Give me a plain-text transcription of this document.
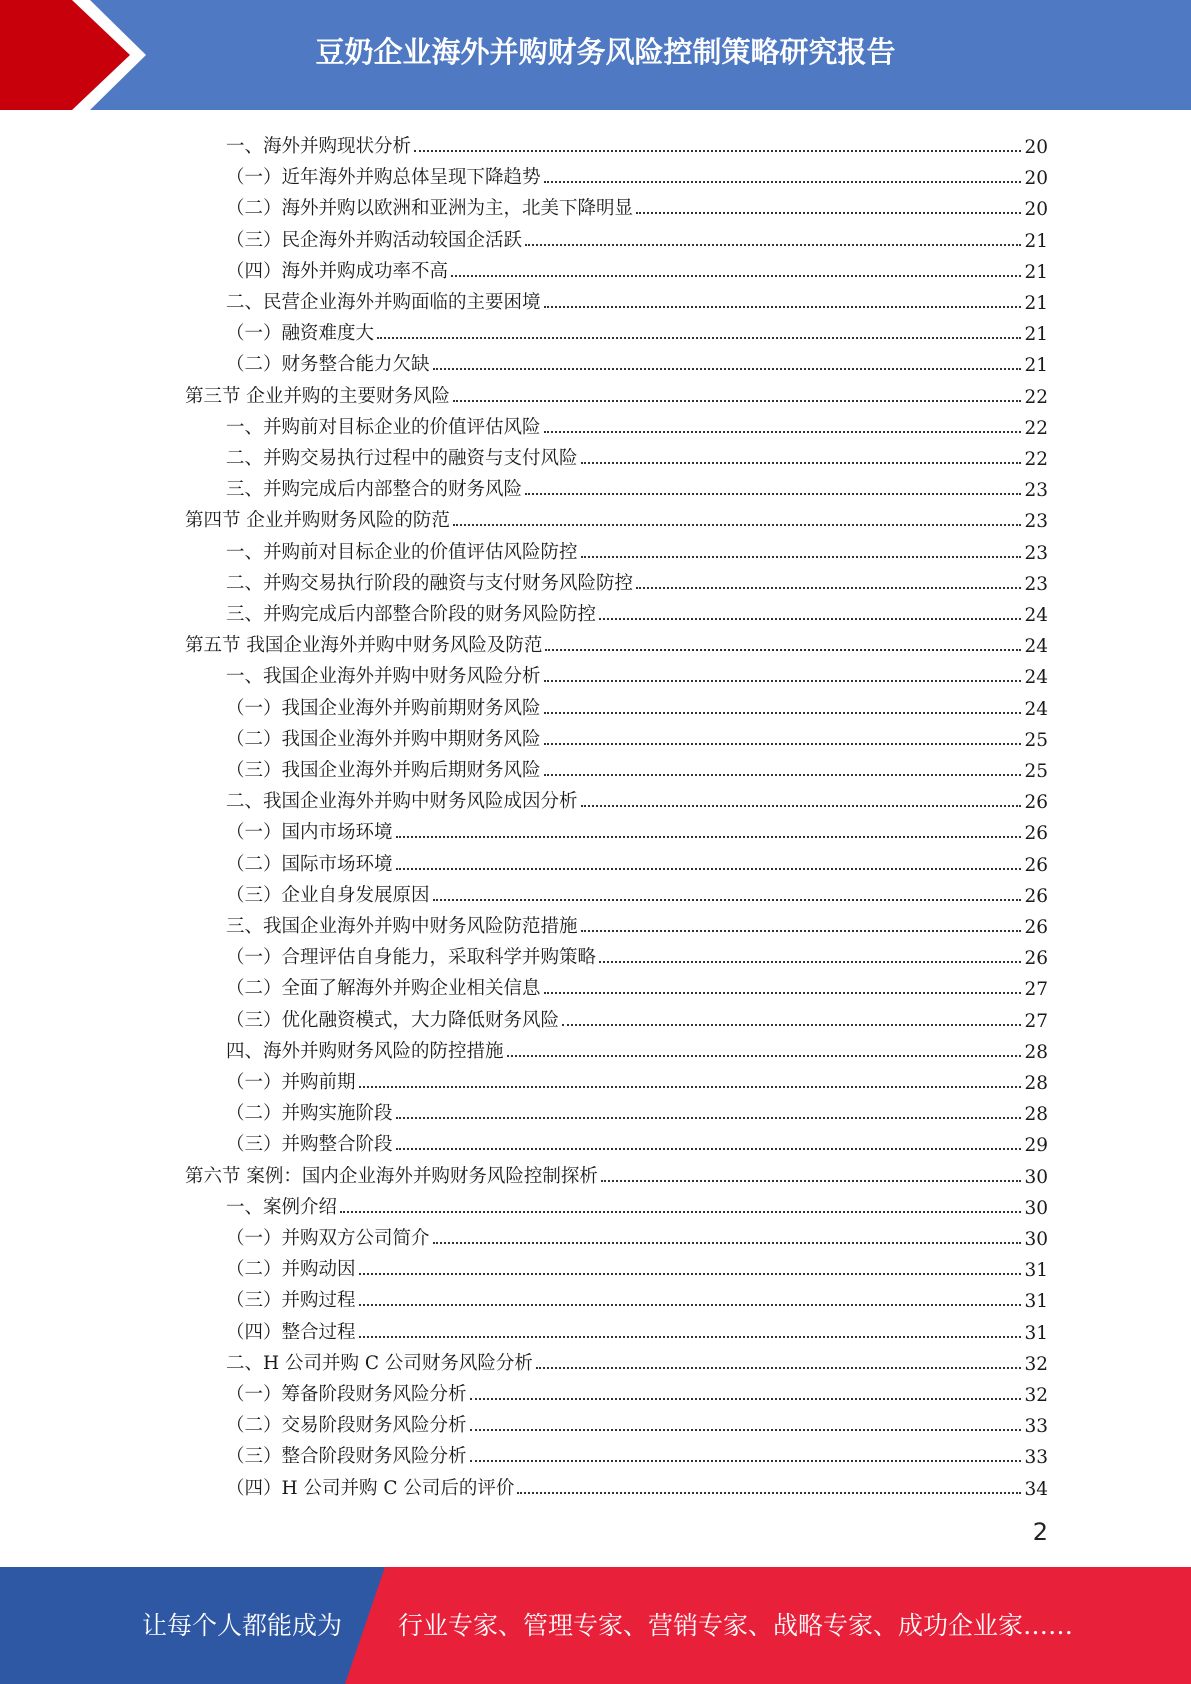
豆奶企业海外并购财务风险控制策略研究报告
一、海外并购现状分析	20
（一）近年海外并购总体呈现下降趋势	20
（二）海外并购以欧洲和亚洲为主，北美下降明显	20
（三）民企海外并购活动较国企活跃	21
（四）海外并购成功率不高	21
二、民营企业海外并购面临的主要困境	21
（一）融资难度大	21
（二）财务整合能力欠缺	21
第三节 企业并购的主要财务风险	22
一、并购前对目标企业的价值评估风险	22
二、并购交易执行过程中的融资与支付风险	22
三、并购完成后内部整合的财务风险	23
第四节 企业并购财务风险的防范	23
一、并购前对目标企业的价值评估风险防控	23
二、并购交易执行阶段的融资与支付财务风险防控	23
三、并购完成后内部整合阶段的财务风险防控	24
第五节 我国企业海外并购中财务风险及防范	24
一、我国企业海外并购中财务风险分析	24
（一）我国企业海外并购前期财务风险	24
（二）我国企业海外并购中期财务风险	25
（三）我国企业海外并购后期财务风险	25
二、我国企业海外并购中财务风险成因分析	26
（一）国内市场环境	26
（二）国际市场环境	26
（三）企业自身发展原因	26
三、我国企业海外并购中财务风险防范措施	26
（一）合理评估自身能力，采取科学并购策略	26
（二）全面了解海外并购企业相关信息	27
（三）优化融资模式，大力降低财务风险	27
四、海外并购财务风险的防控措施	28
（一）并购前期	28
（二）并购实施阶段	28
（三）并购整合阶段	29
第六节 案例：国内企业海外并购财务风险控制探析	30
一、案例介绍	30
（一）并购双方公司简介	30
（二）并购动因	31
（三）并购过程	31
（四）整合过程	31
二、H 公司并购 C 公司财务风险分析	32
（一）筹备阶段财务风险分析	32
（二）交易阶段财务风险分析	33
（三）整合阶段财务风险分析	33
（四）H 公司并购 C 公司后的评价	34
2
让每个人都能成为 行业专家、管理专家、营销专家、战略专家、成功企业家……
